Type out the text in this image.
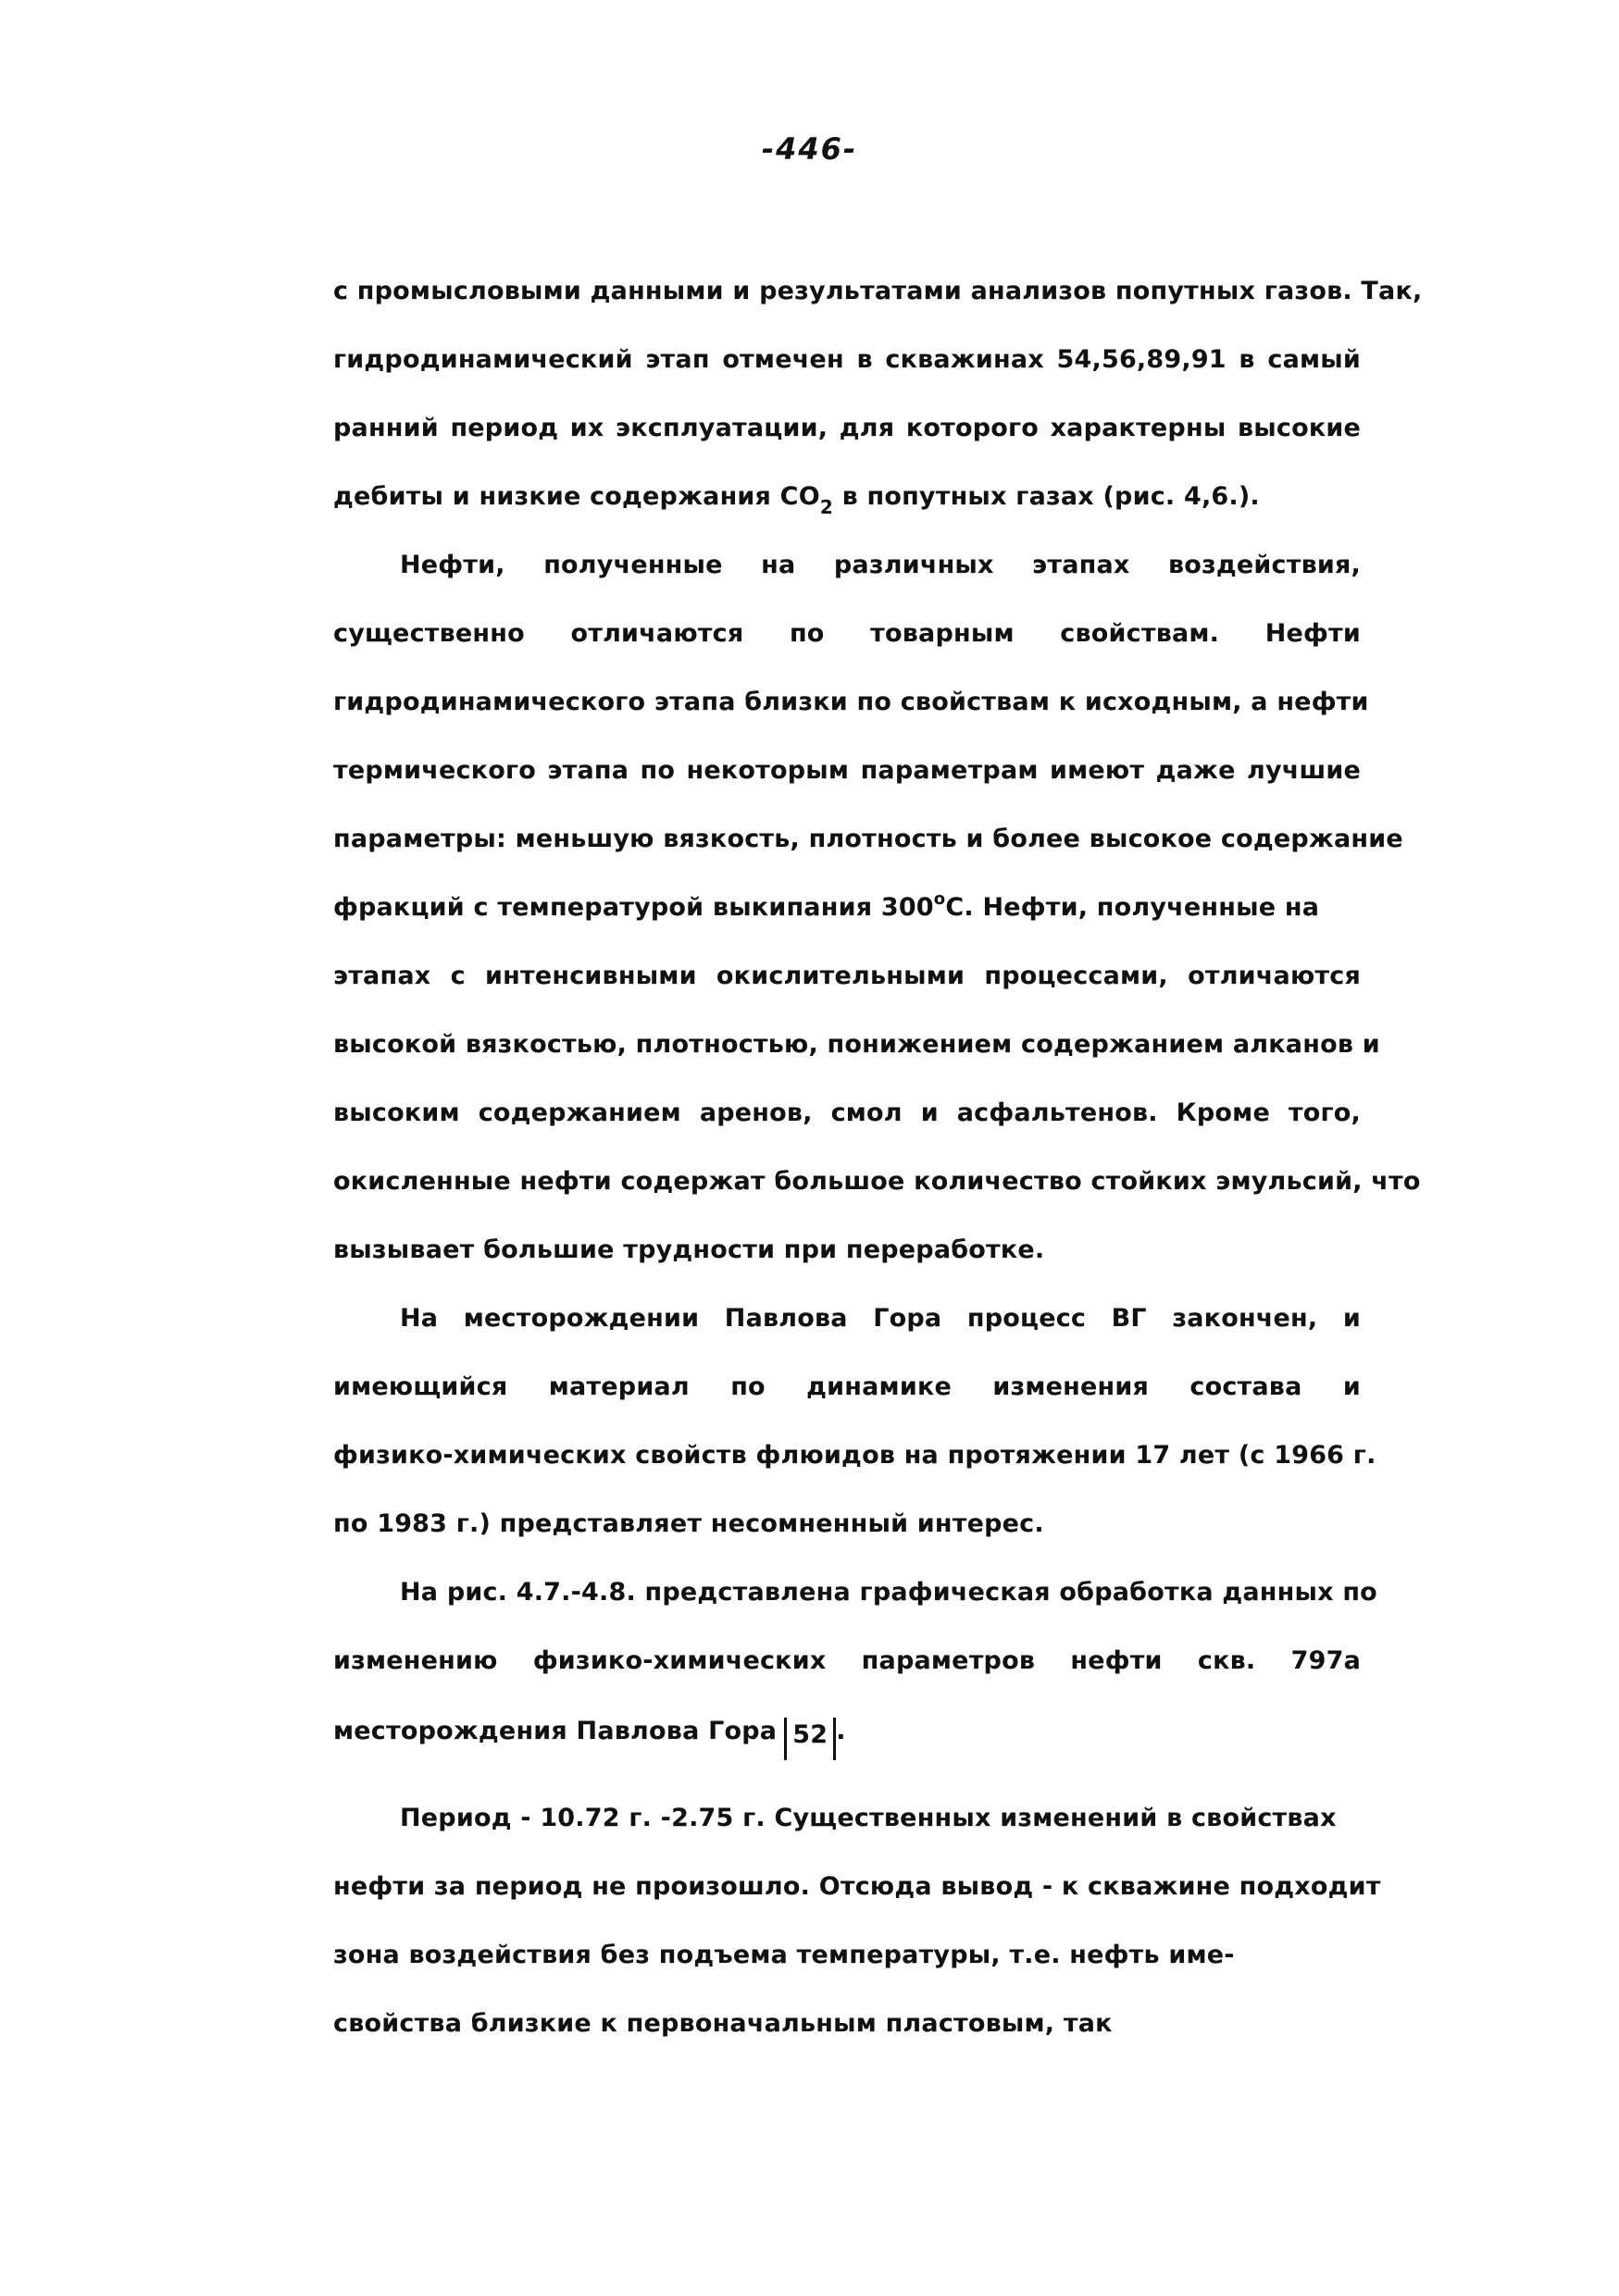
-446-
с промысловыми данными и результатами анализов попутных газов. Так,
гидродинамический этап отмечен в скважинах 54,56,89,91 в самый
ранний период их эксплуатации, для которого характерны высокие
дебиты и низкие содержания $CO_2$ в попутных газах (рис. 4,6.).
Нефти, полученные на различных этапах воздействия,
существенно отличаются по товарным свойствам. Нефти
гидродинамического этапа близки по свойствам к исходным, а нефти
термического этапа по некоторым параметрам имеют даже лучшие
параметры: меньшую вязкость, плотность и более высокое содержание
фракций с температурой выкипания $300^оС$. Нефти, полученные на
этапах с интенсивными окислительными процессами, отличаются
высокой вязкостью, плотностью, понижением содержанием алканов и
высоким содержанием аренов, смол и асфальтенов. Кроме того,
окисленные нефти содержат большое количество стойких эмульсий, что
вызывает большие трудности при переработке.
На месторождении Павлова Гора процесс ВГ закончен, и
имеющийся материал по динамике изменения состава и
физико-химических свойств флюидов на протяжении 17 лет (с 1966 г.
по 1983 г.) представляет несомненный интерес.
На рис. 4.7.-4.8. представлена графическая обработка данных по
изменению физико-химических параметров нефти скв. 797а
месторождения Павлова Гора 52 .
Период - 10.72 г. -2.75 г. Существенных изменений в свойствах
нефти за период не произошло. Отсюда вывод - к скважине подходит
зона воздействия без подъема температуры, т.е. нефть име-
свойства близкие к первоначальным пластовым, так
